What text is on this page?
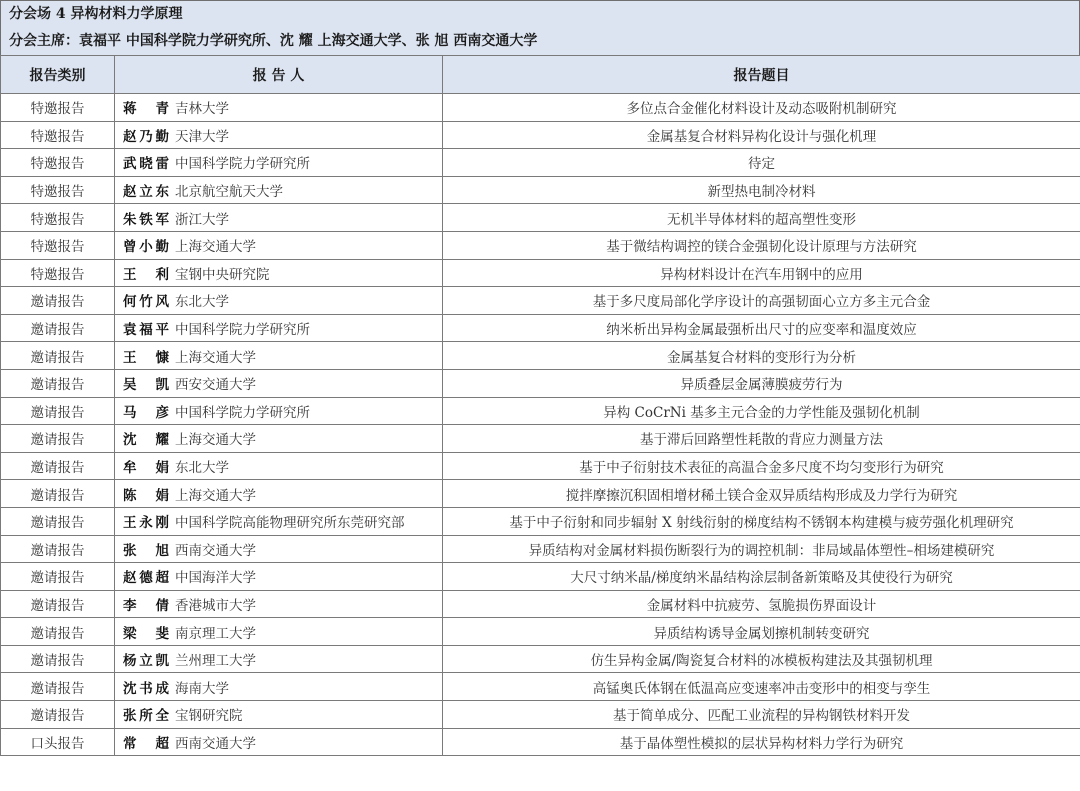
分会场 4 异构材料力学原理
分会主席：袁福平 中国科学院力学研究所、沈 耀 上海交通大学、张 旭 西南交通大学
报告类别	报 告 人	报告题目
特邀报告	蒋青 吉林大学	多位点合金催化材料设计及动态吸附机制研究
特邀报告	赵乃勤 天津大学	金属基复合材料异构化设计与强化机理
特邀报告	武晓雷 中国科学院力学研究所	待定
特邀报告	赵立东 北京航空航天大学	新型热电制冷材料
特邀报告	朱铁军 浙江大学	无机半导体材料的超高塑性变形
特邀报告	曾小勤 上海交通大学	基于微结构调控的镁合金强韧化设计原理与方法研究
特邀报告	王利 宝钢中央研究院	异构材料设计在汽车用钢中的应用
邀请报告	何竹风 东北大学	基于多尺度局部化学序设计的高强韧面心立方多主元合金
邀请报告	袁福平 中国科学院力学研究所	纳米析出异构金属最强析出尺寸的应变率和温度效应
邀请报告	王慷 上海交通大学	金属基复合材料的变形行为分析
邀请报告	吴凯 西安交通大学	异质叠层金属薄膜疲劳行为
邀请报告	马彦 中国科学院力学研究所	异构 CoCrNi 基多主元合金的力学性能及强韧化机制
邀请报告	沈耀 上海交通大学	基于滞后回路塑性耗散的背应力测量方法
邀请报告	牟娟 东北大学	基于中子衍射技术表征的高温合金多尺度不均匀变形行为研究
邀请报告	陈娟 上海交通大学	搅拌摩擦沉积固相增材稀土镁合金双异质结构形成及力学行为研究
邀请报告	王永刚 中国科学院高能物理研究所东莞研究部	基于中子衍射和同步辐射 X 射线衍射的梯度结构不锈钢本构建模与疲劳强化机理研究
邀请报告	张旭 西南交通大学	异质结构对金属材料损伤断裂行为的调控机制：非局域晶体塑性–相场建模研究
邀请报告	赵德超 中国海洋大学	大尺寸纳米晶/梯度纳米晶结构涂层制备新策略及其使役行为研究
邀请报告	李倩 香港城市大学	金属材料中抗疲劳、氢脆损伤界面设计
邀请报告	梁斐 南京理工大学	异质结构诱导金属划擦机制转变研究
邀请报告	杨立凯 兰州理工大学	仿生异构金属/陶瓷复合材料的冰模板构建法及其强韧机理
邀请报告	沈书成 海南大学	高锰奥氏体钢在低温高应变速率冲击变形中的相变与孪生
邀请报告	张所全 宝钢研究院	基于简单成分、匹配工业流程的异构钢铁材料开发
口头报告	常超 西南交通大学	基于晶体塑性模拟的层状异构材料力学行为研究
